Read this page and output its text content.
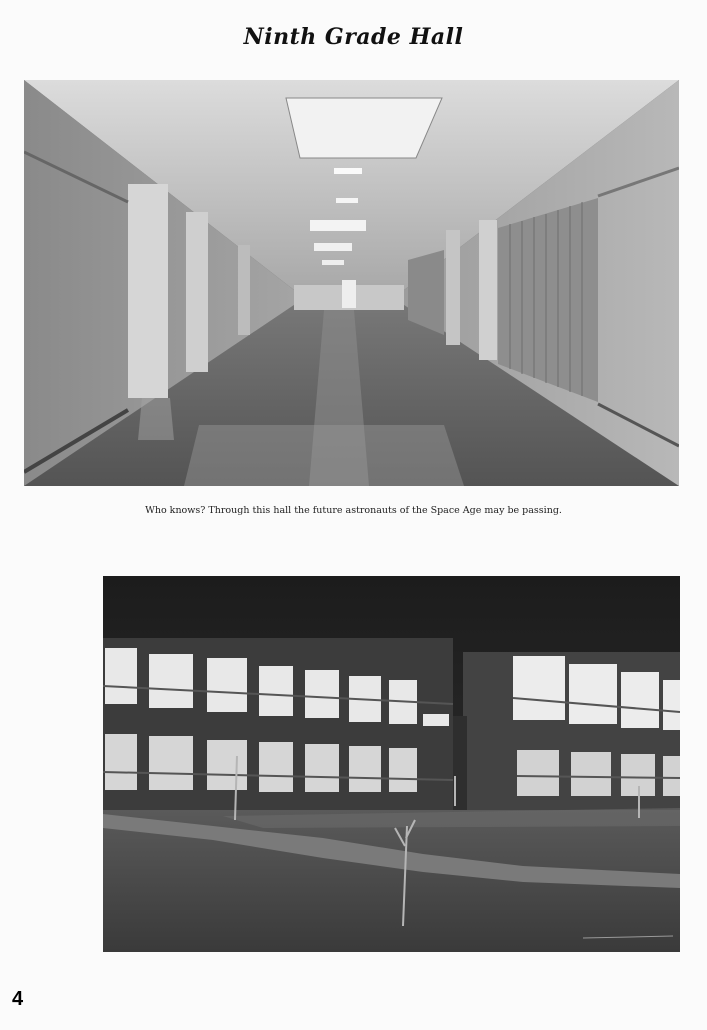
Ninth Grade Hall
Who knows? Through this hall the future astronauts of the Space Age may be passing.
4
